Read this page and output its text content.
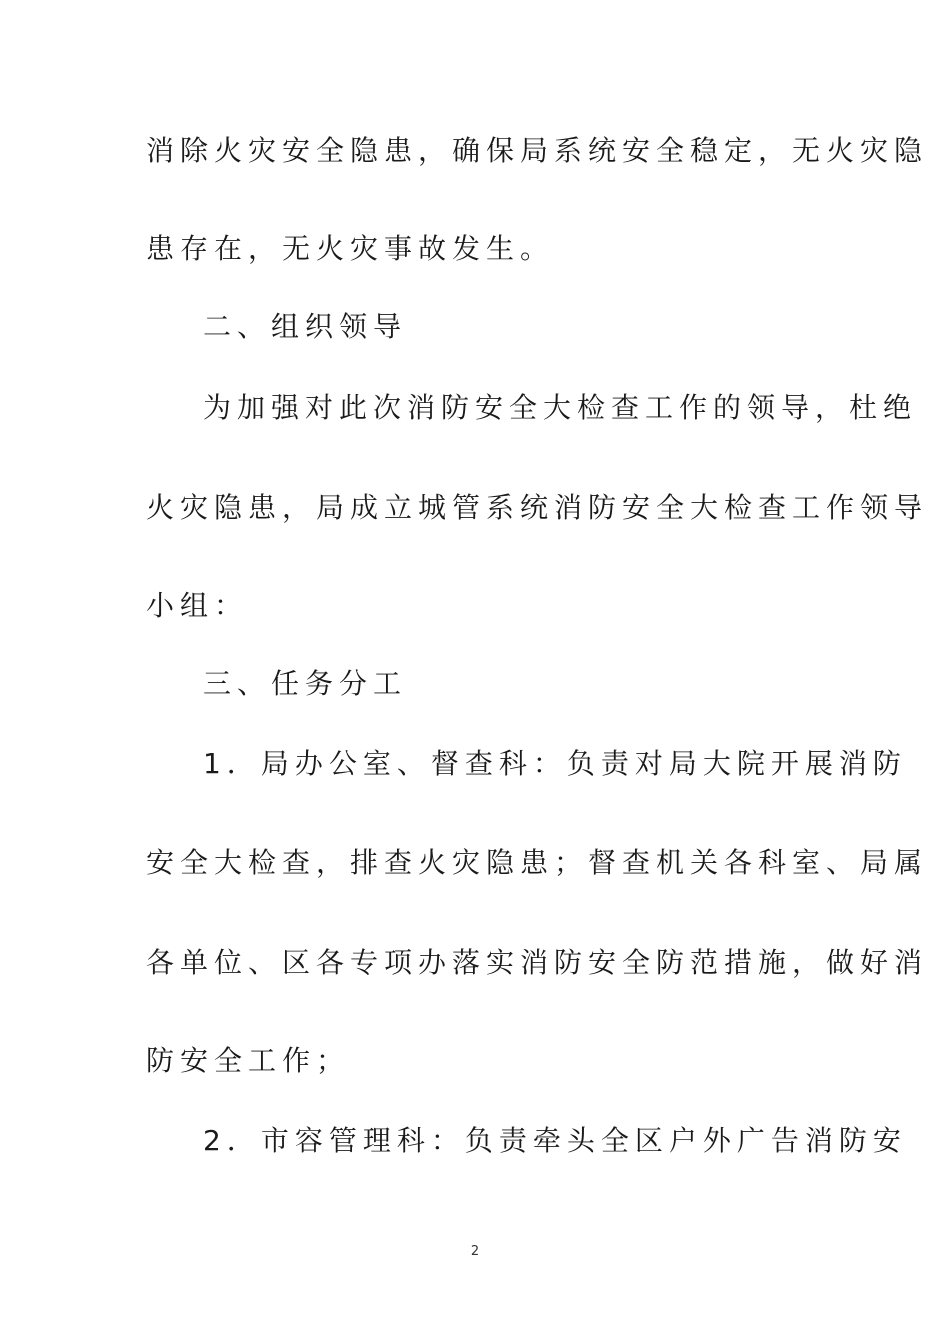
消除火灾安全隐患，确保局系统安全稳定，无火灾隐
患存在，无火灾事故发生。
二、组织领导
为加强对此次消防安全大检查工作的领导，杜绝
火灾隐患，局成立城管系统消防安全大检查工作领导
小组：
三、任务分工
1．局办公室、督查科：负责对局大院开展消防
安全大检查，排查火灾隐患；督查机关各科室、局属
各单位、区各专项办落实消防安全防范措施，做好消
防安全工作；
2．市容管理科：负责牵头全区户外广告消防安
2
